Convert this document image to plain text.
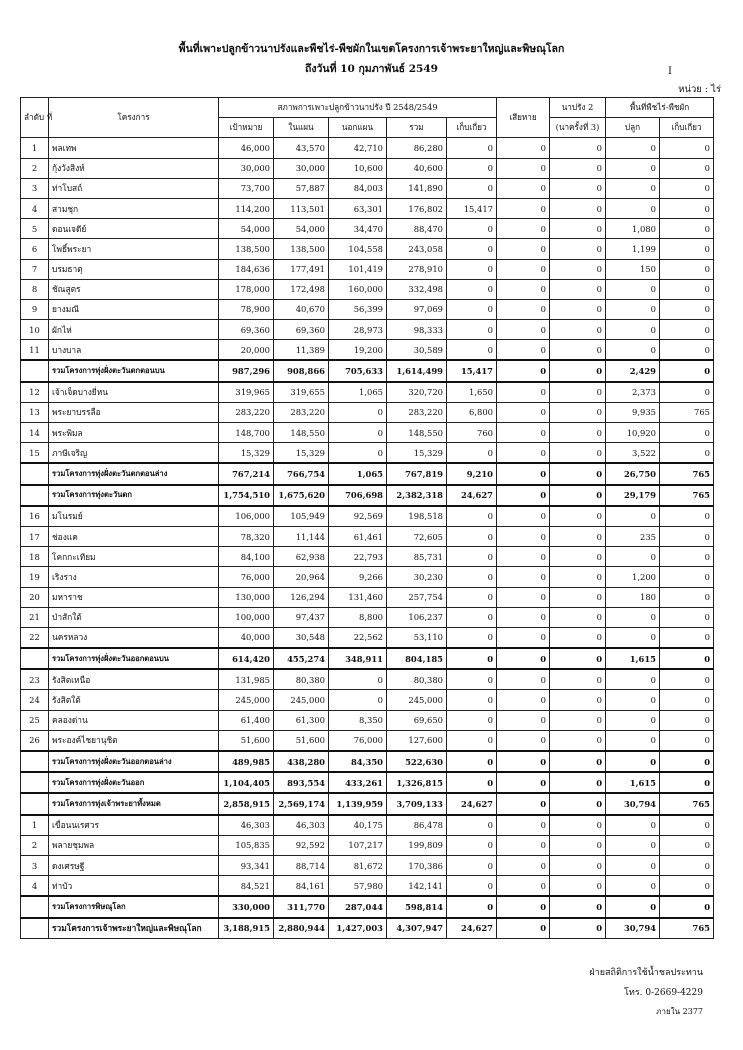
พื้นที่เพาะปลูกข้าวนาปรังและพืชไร่-พืชผักในเขตโครงการเจ้าพระยาใหญ่และพิษณุโลก
ถึงวันที่ 10 กุมภาพันธ์ 2549	I
หน่วย : ไร่
ลำดับ ที่	โครงการ	สภาพการเพาะปลูกข้าวนาปรัง ปี 2548/2549					เสียหาย	นาปรัง 2	พื้นที่พืชไร่-พืชผัก	
		เป้าหมาย	ในแผน	นอกแผน	รวม	เก็บเกี่ยว		(นาครั้งที่ 3)	ปลูก	เก็บเกี่ยว
1	พลเทพ	46,000	43,570	42,710	86,280	0	0	0	0	0
2	กุ้งวังสิงห์	30,000	30,000	10,600	40,600	0	0	0	0	0
3	ท่าโบสถ์	73,700	57,887	84,003	141,890	0	0	0	0	0
4	สามชุก	114,200	113,501	63,301	176,802	15,417	0	0	0	0
5	ดอนเจดีย์	54,000	54,000	34,470	88,470	0	0	0	1,080	0
6	โพธิ์พระยา	138,500	138,500	104,558	243,058	0	0	0	1,199	0
7	บรมธาตุ	184,636	177,491	101,419	278,910	0	0	0	150	0
8	ชัณสูตร	178,000	172,498	160,000	332,498	0	0	0	0	0
9	ยางมณี	78,900	40,670	56,399	97,069	0	0	0	0	0
10	ผักไห่	69,360	69,360	28,973	98,333	0	0	0	0	0
11	บางบาล	20,000	11,389	19,200	30,589	0	0	0	0	0
	รวมโครงการทุ่งฝั่งตะวันตกตอนบน	987,296	908,866	705,633	1,614,499	15,417	0	0	2,429	0
12	เจ้าเจ็ดบางยี่หน	319,965	319,655	1,065	320,720	1,650	0	0	2,373	0
13	พระยาบรรลือ	283,220	283,220	0	283,220	6,800	0	0	9,935	765
14	พระพิมล	148,700	148,550	0	148,550	760	0	0	10,920	0
15	ภาษีเจริญ	15,329	15,329	0	15,329	0	0	0	3,522	0
	รวมโครงการทุ่งฝั่งตะวันตกตอนล่าง	767,214	766,754	1,065	767,819	9,210	0	0	26,750	765
	รวมโครงการทุ่งตะวันตก	1,754,510	1,675,620	706,698	2,382,318	24,627	0	0	29,179	765
16	มโนรมย์	106,000	105,949	92,569	198,518	0	0	0	0	0
17	ช่องแค	78,320	11,144	61,461	72,605	0	0	0	235	0
18	โคกกะเทียม	84,100	62,938	22,793	85,731	0	0	0	0	0
19	เริงราง	76,000	20,964	9,266	30,230	0	0	0	1,200	0
20	มหาราช	130,000	126,294	131,460	257,754	0	0	0	180	0
21	ป่าสักใต้	100,000	97,437	8,800	106,237	0	0	0	0	0
22	นครหลวง	40,000	30,548	22,562	53,110	0	0	0	0	0
	รวมโครงการทุ่งฝั่งตะวันออกตอนบน	614,420	455,274	348,911	804,185	0	0	0	1,615	0
23	รังสิตเหนือ	131,985	80,380	0	80,380	0	0	0	0	0
24	รังสิตใต้	245,000	245,000	0	245,000	0	0	0	0	0
25	คลองด่าน	61,400	61,300	8,350	69,650	0	0	0	0	0
26	พระองค์ไชยานุชิต	51,600	51,600	76,000	127,600	0	0	0	0	0
	รวมโครงการทุ่งฝั่งตะวันออกตอนล่าง	489,985	438,280	84,350	522,630	0	0	0	0	0
	รวมโครงการทุ่งฝั่งตะวันออก	1,104,405	893,554	433,261	1,326,815	0	0	0	1,615	0
	รวมโครงการทุ่งเจ้าพระยาทั้งหมด	2,858,915	2,569,174	1,139,959	3,709,133	24,627	0	0	30,794	765
1	เขื่อนนเรศวร	46,303	46,303	40,175	86,478	0	0	0	0	0
2	พลายชุมพล	105,835	92,592	107,217	199,809	0	0	0	0	0
3	ดงเศรษฐี	93,341	88,714	81,672	170,386	0	0	0	0	0
4	ท่าบัว	84,521	84,161	57,980	142,141	0	0	0	0	0
	รวมโครงการพิษณุโลก	330,000	311,770	287,044	598,814	0	0	0	0	0
	รวมโครงการเจ้าพระยาใหญ่และพิษณุโลก	3,188,915	2,880,944	1,427,003	4,307,947	24,627	0	0	30,794	765
ฝ่ายสถิติการใช้น้ำชลประทาน
โทร. 0-2669-4229
ภายใน 2377
